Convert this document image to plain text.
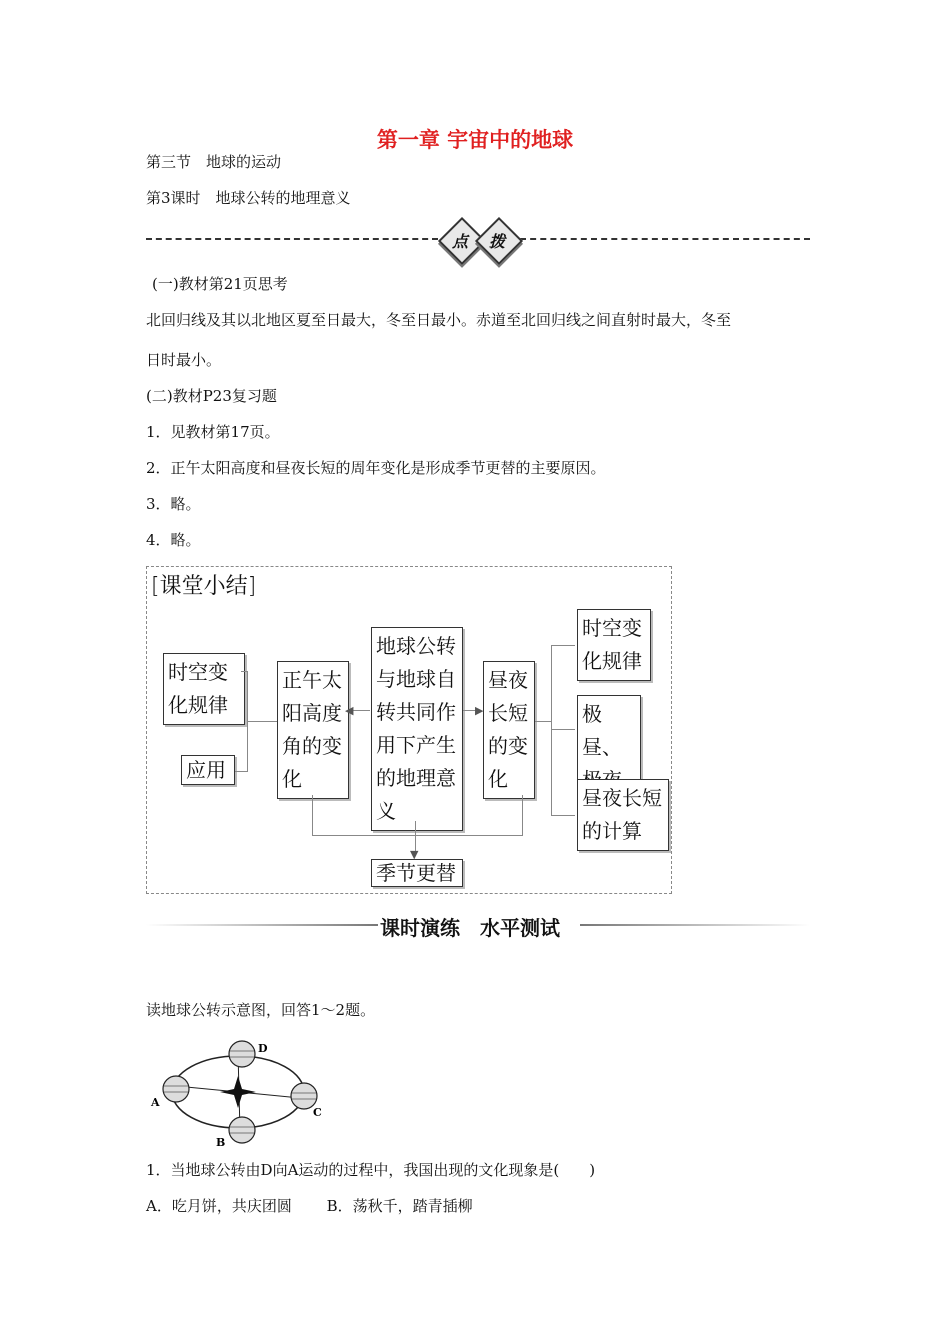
第一章 宇宙中的地球
第三节　地球的运动
第3课时　地球公转的地理意义
点	拨
(一)教材第21页思考
北回归线及其以北地区夏至日最大，冬至日最小。赤道至北回归线之间直射时最大，冬至
日时最小。
(二)教材P23复习题
1．见教材第17页。
2．正午太阳高度和昼夜长短的周年变化是形成季节更替的主要原因。
3．略。
4．略。
[课堂小结]
时空变化规律
应用
正午太阳高度角的变化
地球公转与地球自转共同作用下产生的地理意义
昼夜长短的变化
时空变化规律
极昼、
昼夜长短的计算
季节更替
◀	▶
▼
课时演练　水平测试
读地球公转示意图，回答1～2题。
A
B
C
D
1．当地球公转由D向A运动的过程中，我国出现的文化现象是(　　)
A．吃月饼，共庆团圆　　 B．荡秋千，踏青插柳
